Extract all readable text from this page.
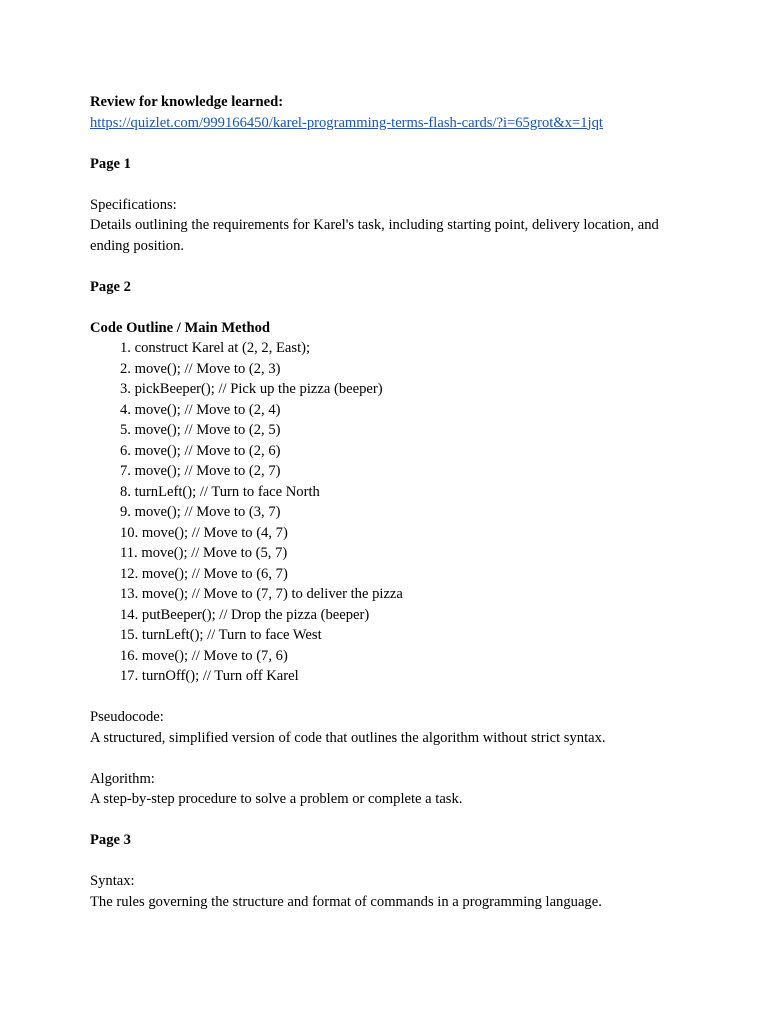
Review for knowledge learned:
https://quizlet.com/999166450/karel-programming-terms-flash-cards/?i=65grot&x=1jqt
Page 1
Specifications:
Details outlining the requirements for Karel's task, including starting point, delivery location, and ending position.
Page 2
Code Outline / Main Method
1. construct Karel at (2, 2, East);
2. move(); // Move to (2, 3)
3. pickBeeper(); // Pick up the pizza (beeper)
4. move(); // Move to (2, 4)
5. move(); // Move to (2, 5)
6. move(); // Move to (2, 6)
7. move(); // Move to (2, 7)
8. turnLeft(); // Turn to face North
9. move(); // Move to (3, 7)
10. move(); // Move to (4, 7)
11. move(); // Move to (5, 7)
12. move(); // Move to (6, 7)
13. move(); // Move to (7, 7) to deliver the pizza
14. putBeeper(); // Drop the pizza (beeper)
15. turnLeft(); // Turn to face West
16. move(); // Move to (7, 6)
17. turnOff(); // Turn off Karel
Pseudocode:
A structured, simplified version of code that outlines the algorithm without strict syntax.
Algorithm:
A step-by-step procedure to solve a problem or complete a task.
Page 3
Syntax:
The rules governing the structure and format of commands in a programming language.
